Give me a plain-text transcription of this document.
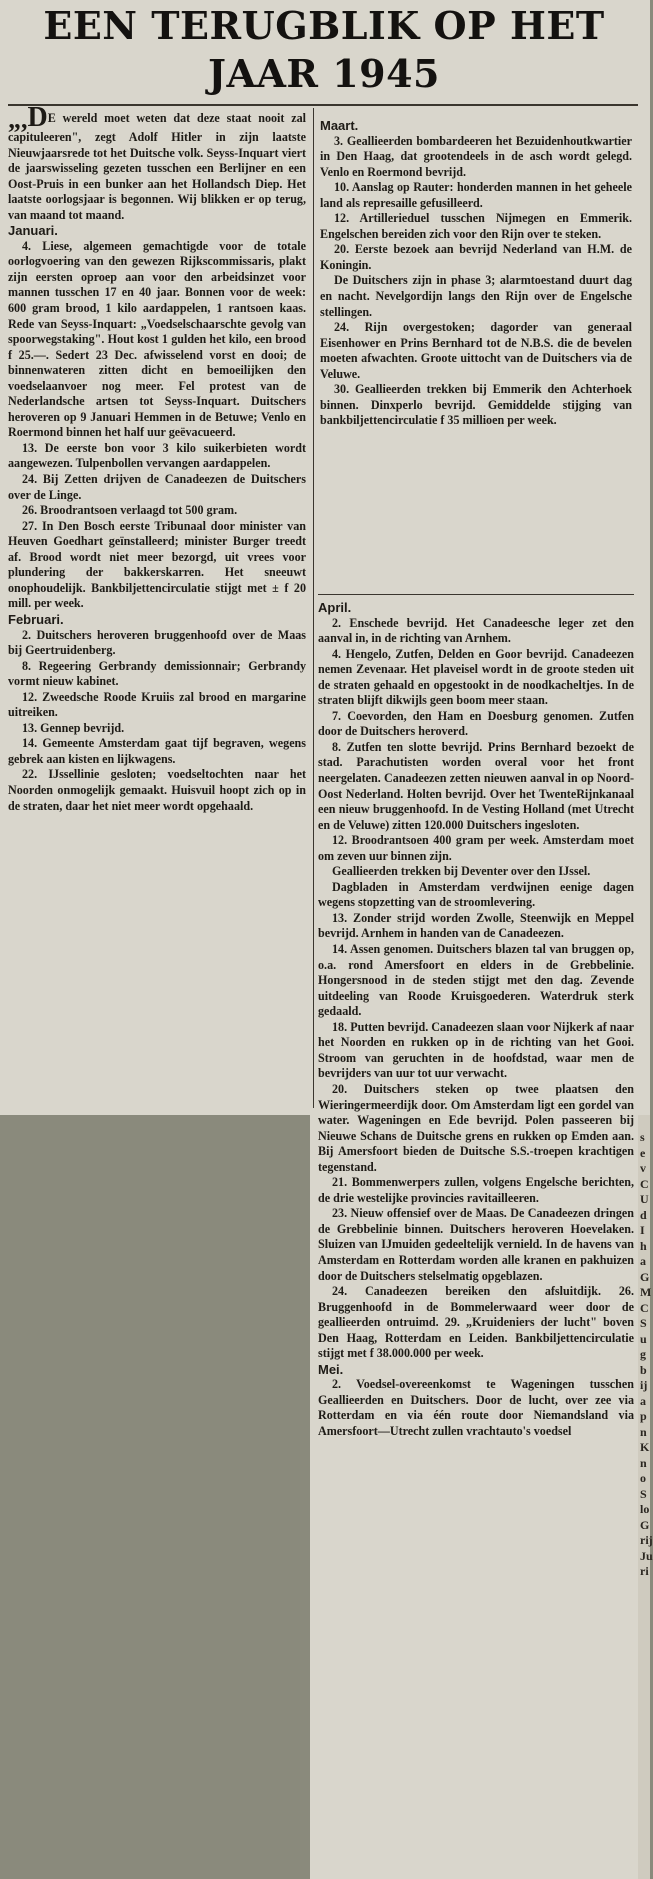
EEN TERUGBLIK OP HET
JAAR 1945

„,DE wereld moet weten dat deze staat nooit zal capituleeren", zegt Adolf Hitler in zijn laatste Nieuwjaarsrede tot het Duitsche volk. Seyss-Inquart viert de jaarswisseling gezeten tusschen een Berlijner en een Oost-Pruis in een bunker aan het Hollandsch Diep. Het laatste oorlogsjaar is begonnen. Wij blikken er op terug, van maand tot maand.

Januari.

4. Liese, algemeen gemachtigde voor de totale oorlogvoering van den gewezen Rijkscommissaris, plakt zijn eersten oproep aan voor den arbeidsinzet voor mannen tusschen 17 en 40 jaar. Bonnen voor de week: 600 gram brood, 1 kilo aardappelen, 1 rantsoen kaas. Rede van Seyss-Inquart: „Voedselschaarschte gevolg van spoorwegstaking". Hout kost 1 gulden het kilo, een brood f 25.—. Sedert 23 Dec. afwisselend vorst en dooi; de binnenwateren zitten dicht en bemoeilijken den voedselaanvoer nog meer. Fel protest van de Nederlandsche artsen tot Seyss-Inquart. Duitschers heroveren op 9 Januari Hemmen in de Betuwe; Venlo en Roermond binnen het half uur geëvacueerd.

13. De eerste bon voor 3 kilo suikerbieten wordt aangewezen. Tulpenbollen vervangen aardappelen.

24. Bij Zetten drijven de Canadeezen de Duitschers over de Linge.

26. Broodrantsoen verlaagd tot 500 gram.

27. In Den Bosch eerste Tribunaal door minister van Heuven Goedhart geïnstalleerd; minister Burger treedt af. Brood wordt niet meer bezorgd, uit vrees voor plundering der bakkerskarren. Het sneeuwt onophoudelijk. Bankbiljettencirculatie stijgt met ± f 20 mill. per week.

Februari.

2. Duitschers heroveren bruggenhoofd over de Maas bij Geertruidenberg.

8. Regeering Gerbrandy demissionnair; Gerbrandy vormt nieuw kabinet.

12. Zweedsche Roode Kruiis zal brood en margarine uitreiken.

13. Gennep bevrijd.

14. Gemeente Amsterdam gaat tijf begraven, wegens gebrek aan kisten en lijkwagens.

22. IJssellinie gesloten; voedseltochten naar het Noorden onmogelijk gemaakt. Huisvuil hoopt zich op in de straten, daar het niet meer wordt opgehaald.

Maart.

3. Geallieerden bombardeeren het Bezuidenhoutkwartier in Den Haag, dat grootendeels in de asch wordt gelegd. Venlo en Roermond bevrijd.

10. Aanslag op Rauter: honderden mannen in het geheele land als represaille gefusilleerd.

12. Artillerieduel tusschen Nijmegen en Emmerik. Engelschen bereiden zich voor den Rijn over te steken.

20. Eerste bezoek aan bevrijd Nederland van H.M. de Koningin.

De Duitschers zijn in phase 3; alarmtoestand duurt dag en nacht. Nevelgordijn langs den Rijn over de Engelsche stellingen.

24. Rijn overgestoken; dagorder van generaal Eisenhower en Prins Bernhard tot de N.B.S. die de bevelen moeten afwachten. Groote uittocht van de Duitschers via de Veluwe.

30. Geallieerden trekken bij Emmerik den Achterhoek binnen. Dinxperlo bevrijd. Gemiddelde stijging van bankbiljettencirculatie f 35 millioen per week.

April.

2. Enschede bevrijd. Het Canadeesche leger zet den aanval in, in de richting van Arnhem.

4. Hengelo, Zutfen, Delden en Goor bevrijd. Canadeezen nemen Zevenaar. Het plaveisel wordt in de groote steden uit de straten gehaald en opgestookt in de noodkacheltjes. In de straten blijft dikwijls geen boom meer staan.

7. Coevorden, den Ham en Doesburg genomen. Zutfen door de Duitschers heroverd.

8. Zutfen ten slotte bevrijd. Prins Bernhard bezoekt de stad. Parachutisten worden overal voor het front neergelaten. Canadeezen zetten nieuwen aanval in op Noord-Oost Nederland. Holten bevrijd. Over het TwenteRijnkanaal een nieuw bruggenhoofd. In de Vesting Holland (met Utrecht en de Veluwe) zitten 120.000 Duitschers ingesloten.

12. Broodrantsoen 400 gram per week. Amsterdam moet om zeven uur binnen zijn.

Geallieerden trekken bij Deventer over den IJssel.

Dagbladen in Amsterdam verdwijnen eenige dagen wegens stopzetting van de stroomlevering.

13. Zonder strijd worden Zwolle, Steenwijk en Meppel bevrijd. Arnhem in handen van de Canadeezen.

14. Assen genomen. Duitschers blazen tal van bruggen op, o.a. rond Amersfoort en elders in de Grebbelinie. Hongersnood in de steden stijgt met den dag. Zevende uitdeeling van Roode Kruisgoederen. Waterdruk sterk gedaald.

18. Putten bevrijd. Canadeezen slaan voor Nijkerk af naar het Noorden en rukken op in de richting van het Gooi. Stroom van geruchten in de hoofdstad, waar men de bevrijders van uur tot uur verwacht.

20. Duitschers steken op twee plaatsen den Wieringermeerdijk door. Om Amsterdam ligt een gordel van water. Wageningen en Ede bevrijd. Polen passeeren bij Nieuwe Schans de Duitsche grens en rukken op Emden aan. Bij Amersfoort bieden de Duitsche S.S.-troepen krachtigen tegenstand.

21. Bommenwerpers zullen, volgens Engelsche berichten, de drie westelijke provincies ravitailleeren.

23. Nieuw offensief over de Maas. De Canadeezen dringen de Grebbelinie binnen. Duitschers heroveren Hoevelaken. Sluizen van IJmuiden gedeeltelijk vernield. In de havens van Amsterdam en Rotterdam worden alle kranen en pakhuizen door de Duitschers stelselmatig opgeblazen.

24. Canadeezen bereiken den afsluitdijk. 26. Bruggenhoofd in de Bommelerwaard weer door de geallieerden ontruimd. 29. „Kruideniers der lucht" boven Den Haag, Rotterdam en Leiden. Bankbiljettencirculatie stijgt met f 38.000.000 per week.

Mei.

2. Voedsel-overeenkomst te Wageningen tusschen Geallieerden en Duitschers. Door de lucht, over zee via Rotterdam en via één route door Niemandsland via Amersfoort—Utrecht zullen vrachtauto's voedsel

s e v C U d I h a G M C S u g b ij a p n K n o S lo G rij Ju ri
